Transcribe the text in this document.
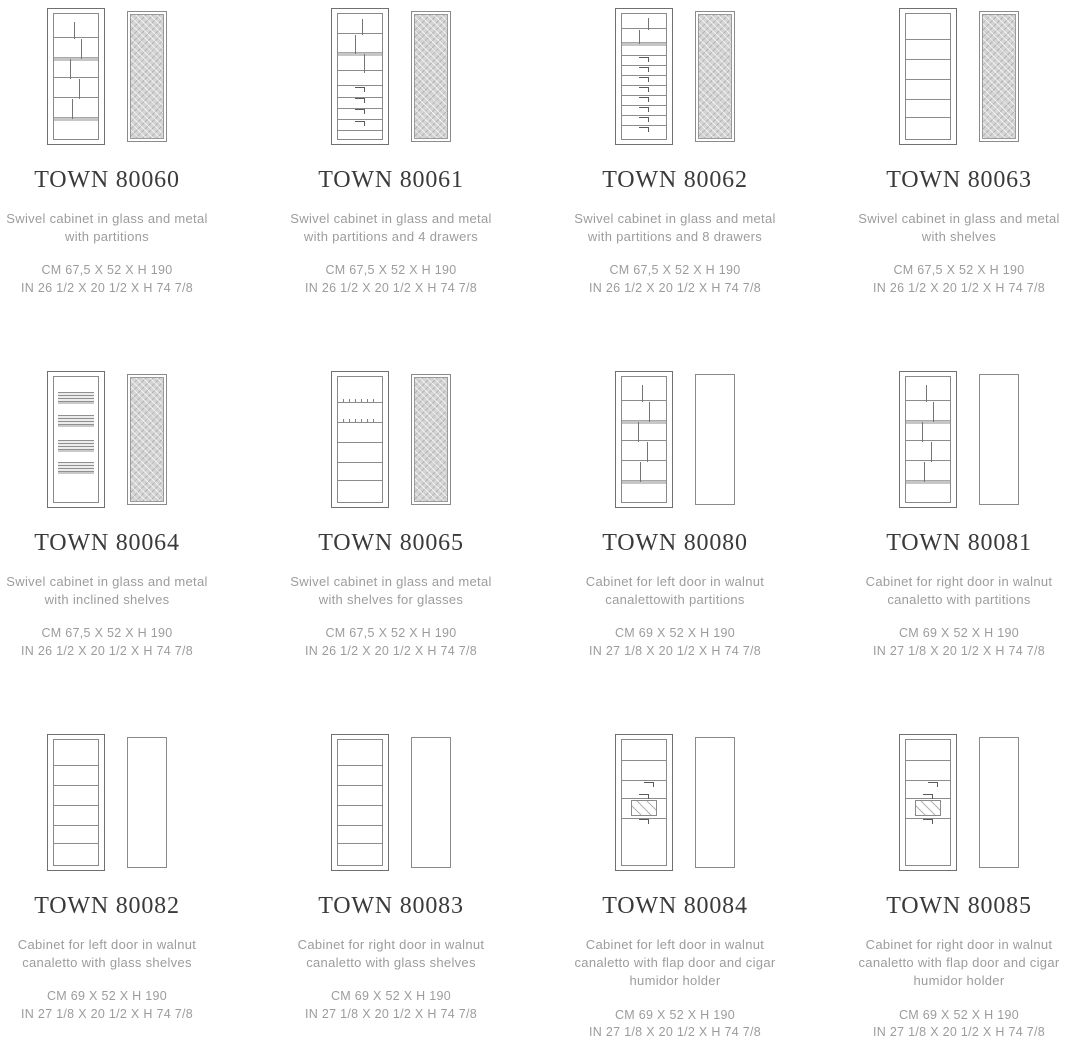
TOWN 80060

Swivel cabinet in glass and metal
with partitions

CM 67,5 X 52 X H 190
IN 26 1/2 X 20 1/2 X H 74 7/8

TOWN 80061

Swivel cabinet in glass and metal
with partitions and 4 drawers

CM 67,5 X 52 X H 190
IN 26 1/2 X 20 1/2 X H 74 7/8

TOWN 80062

Swivel cabinet in glass and metal
with partitions and 8 drawers

CM 67,5 X 52 X H 190
IN 26 1/2 X 20 1/2 X H 74 7/8

TOWN 80063

Swivel cabinet in glass and metal
with shelves

CM 67,5 X 52 X H 190
IN 26 1/2 X 20 1/2 X H 74 7/8

TOWN 80064

Swivel cabinet in glass and metal
with inclined shelves

CM 67,5 X 52 X H 190
IN 26 1/2 X 20 1/2 X H 74 7/8

TOWN 80065

Swivel cabinet in glass and metal
with shelves for glasses

CM 67,5 X 52 X H 190
IN 26 1/2 X 20 1/2 X H 74 7/8

TOWN 80080

Cabinet for left door in walnut
canalettowith partitions

CM 69 X 52 X H 190
IN 27 1/8 X 20 1/2 X H 74 7/8

TOWN 80081

Cabinet for right door in walnut
canaletto with partitions

CM 69 X 52 X H 190
IN 27 1/8 X 20 1/2 X H 74 7/8

TOWN 80082

Cabinet for left door in walnut
canaletto with glass shelves

CM 69 X 52 X H 190
IN 27 1/8 X 20 1/2 X H 74 7/8

TOWN 80083

Cabinet for right door in walnut
canaletto with glass shelves

CM 69 X 52 X H 190
IN 27 1/8 X 20 1/2 X H 74 7/8

TOWN 80084

Cabinet for left door in walnut
canaletto with flap door and cigar
humidor holder

CM 69 X 52 X H 190
IN 27 1/8 X 20 1/2 X H 74 7/8

TOWN 80085

Cabinet for right door in walnut
canaletto with flap door and cigar
humidor holder

CM 69 X 52 X H 190
IN 27 1/8 X 20 1/2 X H 74 7/8
